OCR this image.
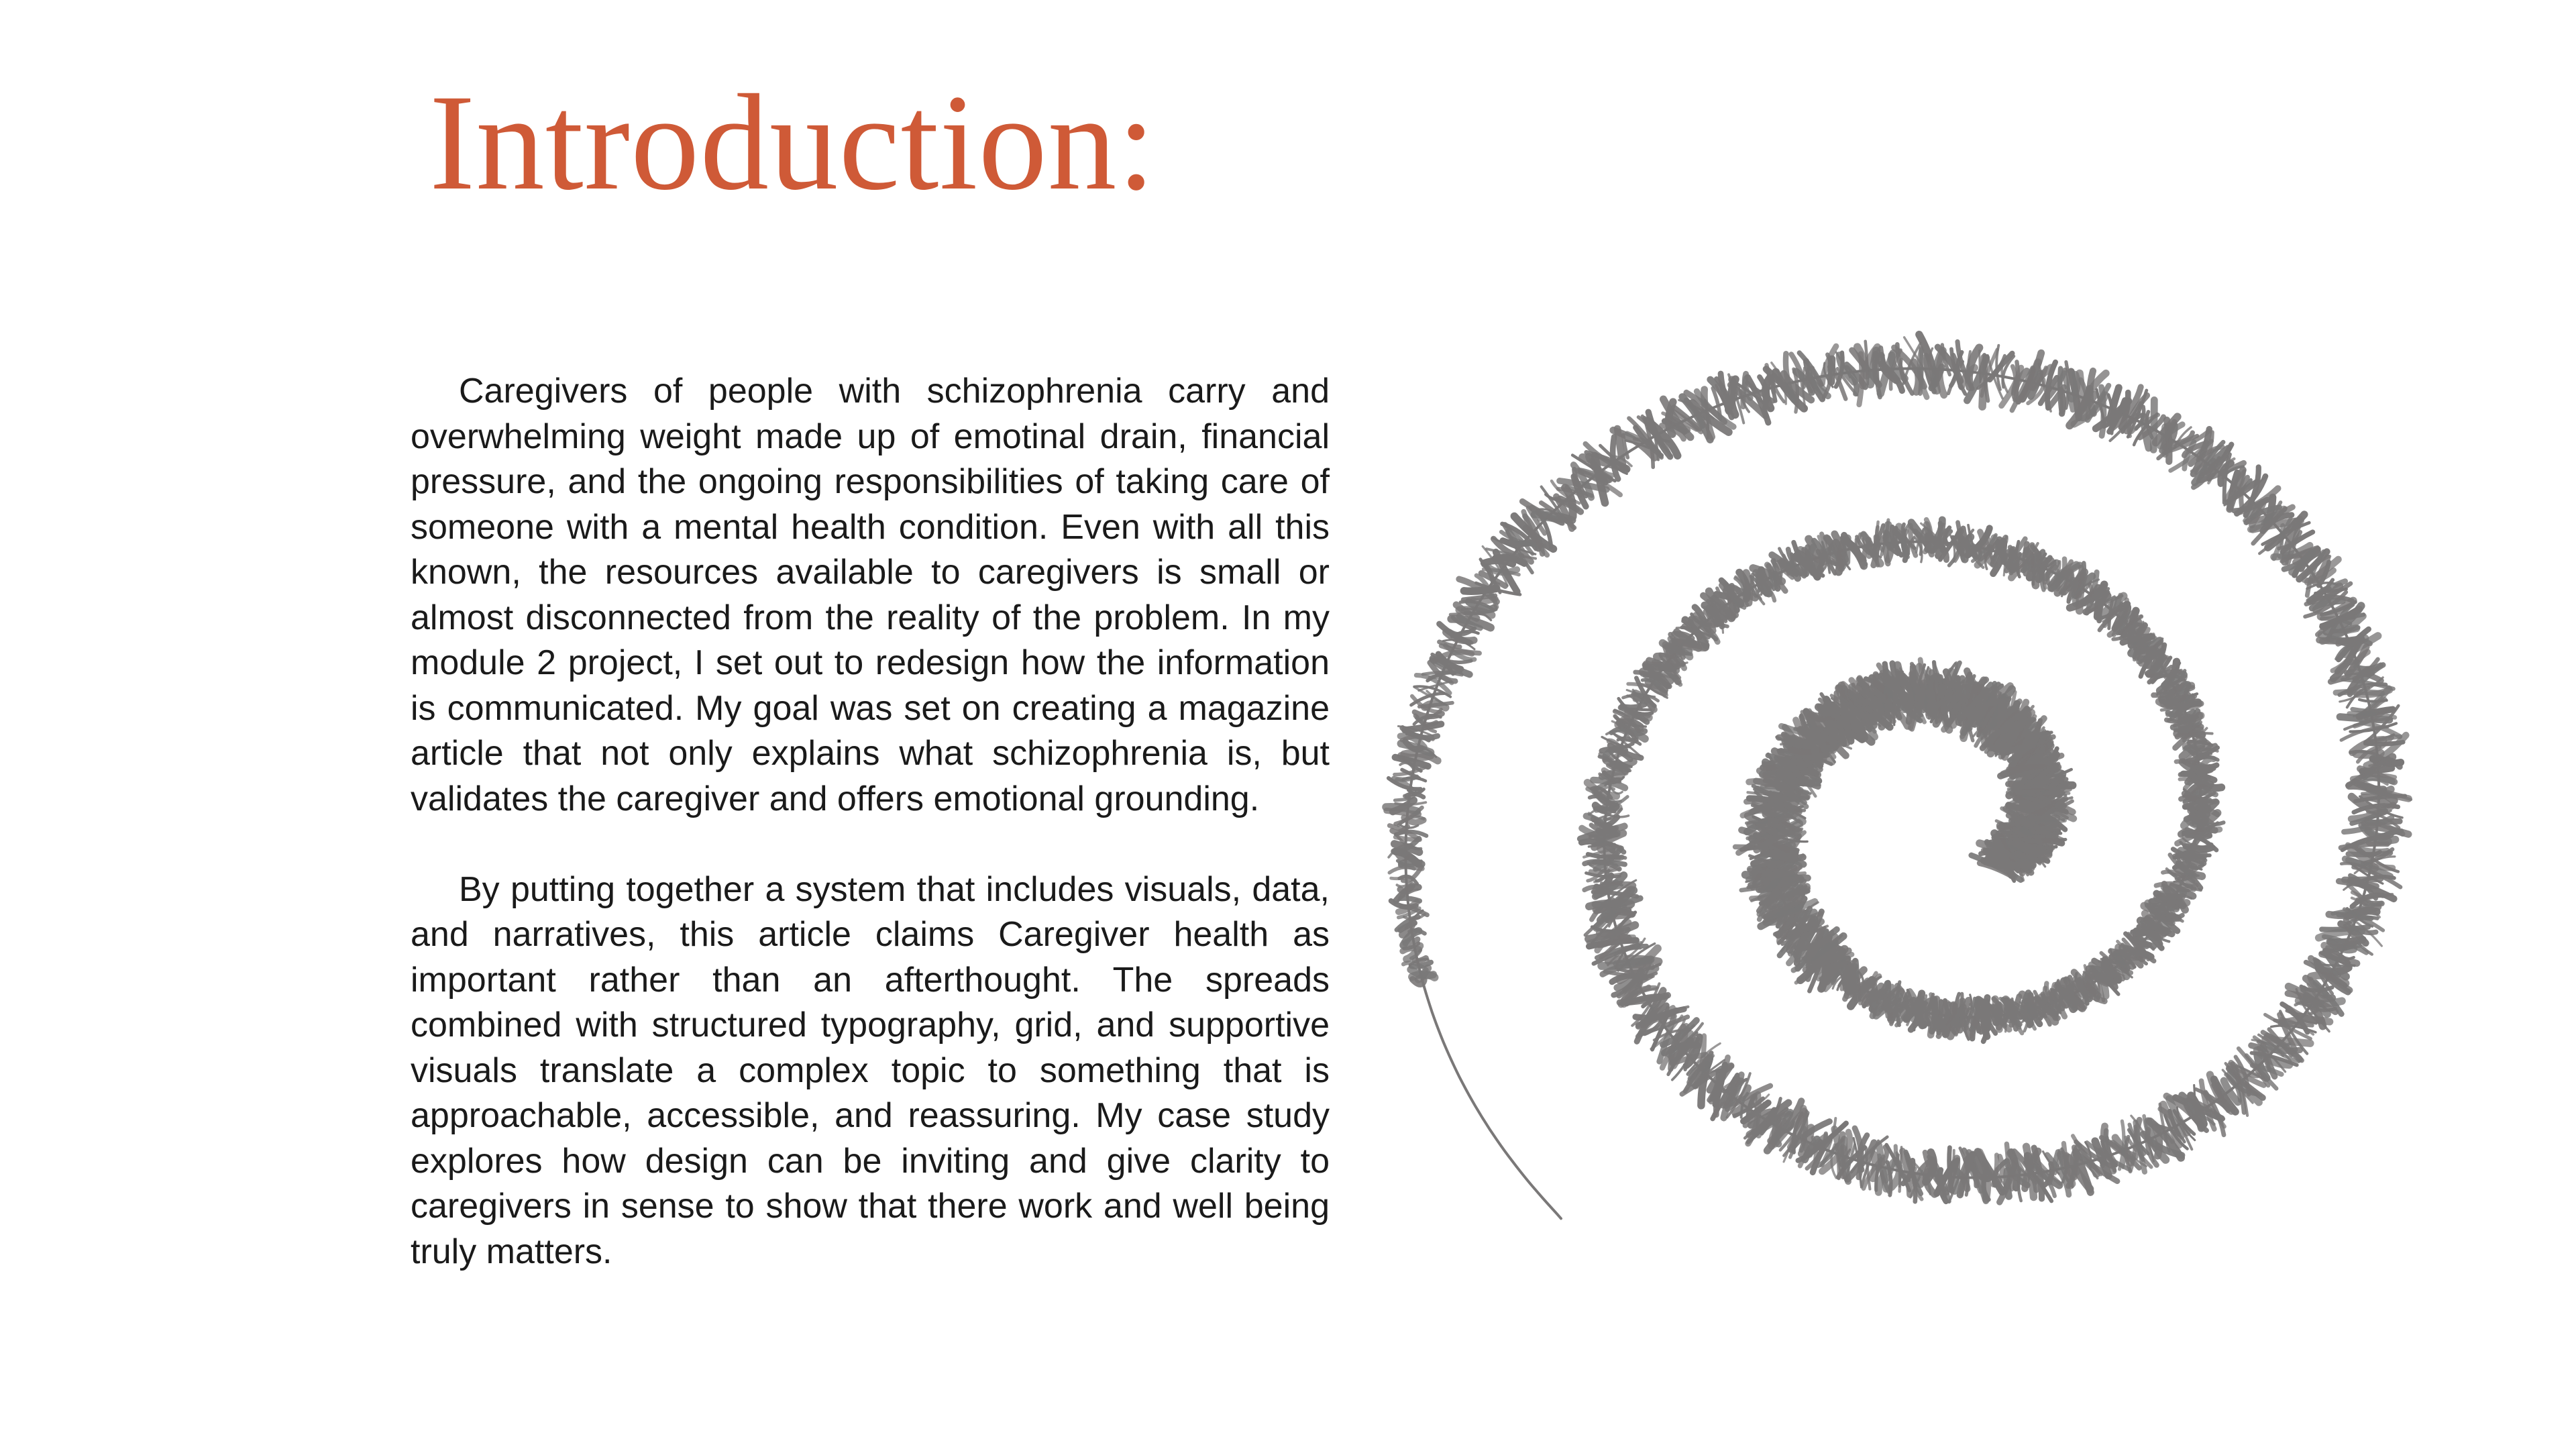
Introduction:

Caregivers of people with schizophrenia carry and overwhelming weight made up of emotinal drain, financial pressure, and the ongoing responsibilities of taking care of someone with a mental health condition. Even with all this known, the resources available to caregivers is small or almost disconnected from the reality of the problem. In my module 2 project, I set out to redesign how the information is communicated. My goal was set on creating a magazine article that not only explains what schizophrenia is, but validates the caregiver and offers emotional grounding.

By putting together a system that includes visuals, data, and narratives, this article claims Caregiver health as important rather than an afterthought. The spreads combined with structured typography, grid, and supportive visuals translate a complex topic to something that is approachable, accessible, and reassuring. My case study explores how design can be inviting and give clarity to caregivers in sense to show that there work and well being truly matters.
